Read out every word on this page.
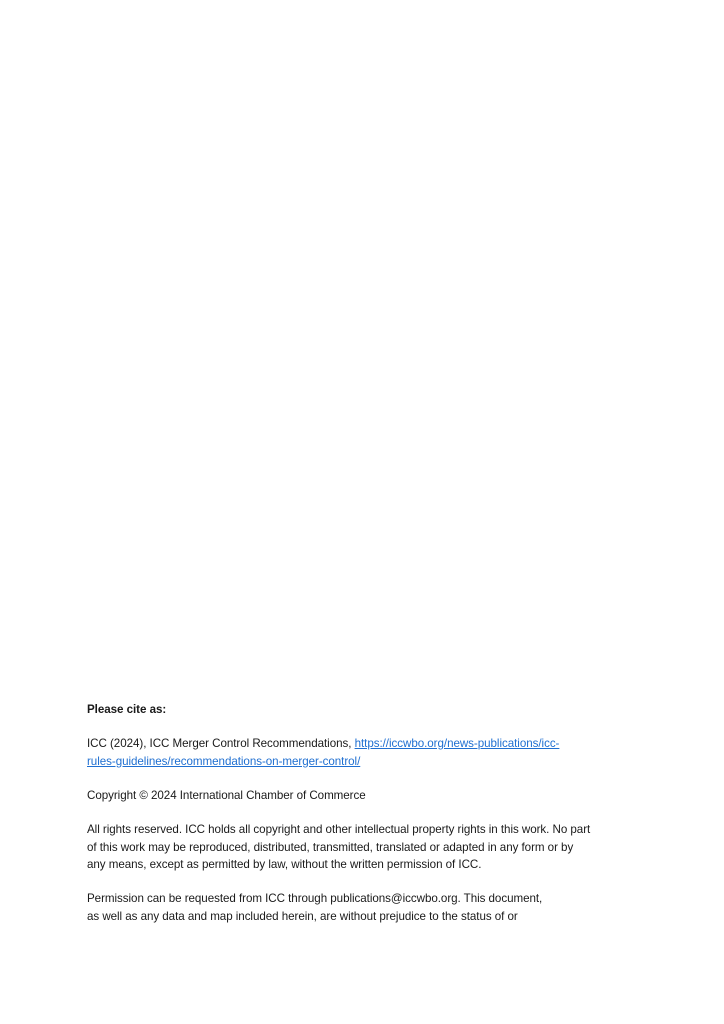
Please cite as:
ICC (2024), ICC Merger Control Recommendations, https://iccwbo.org/news-publications/icc-
rules-guidelines/recommendations-on-merger-control/
Copyright © 2024 International Chamber of Commerce
All rights reserved. ICC holds all copyright and other intellectual property rights in this work. No part
of this work may be reproduced, distributed, transmitted, translated or adapted in any form or by
any means, except as permitted by law, without the written permission of ICC.
Permission can be requested from ICC through publications@iccwbo.org. This document,
as well as any data and map included herein, are without prejudice to the status of or
